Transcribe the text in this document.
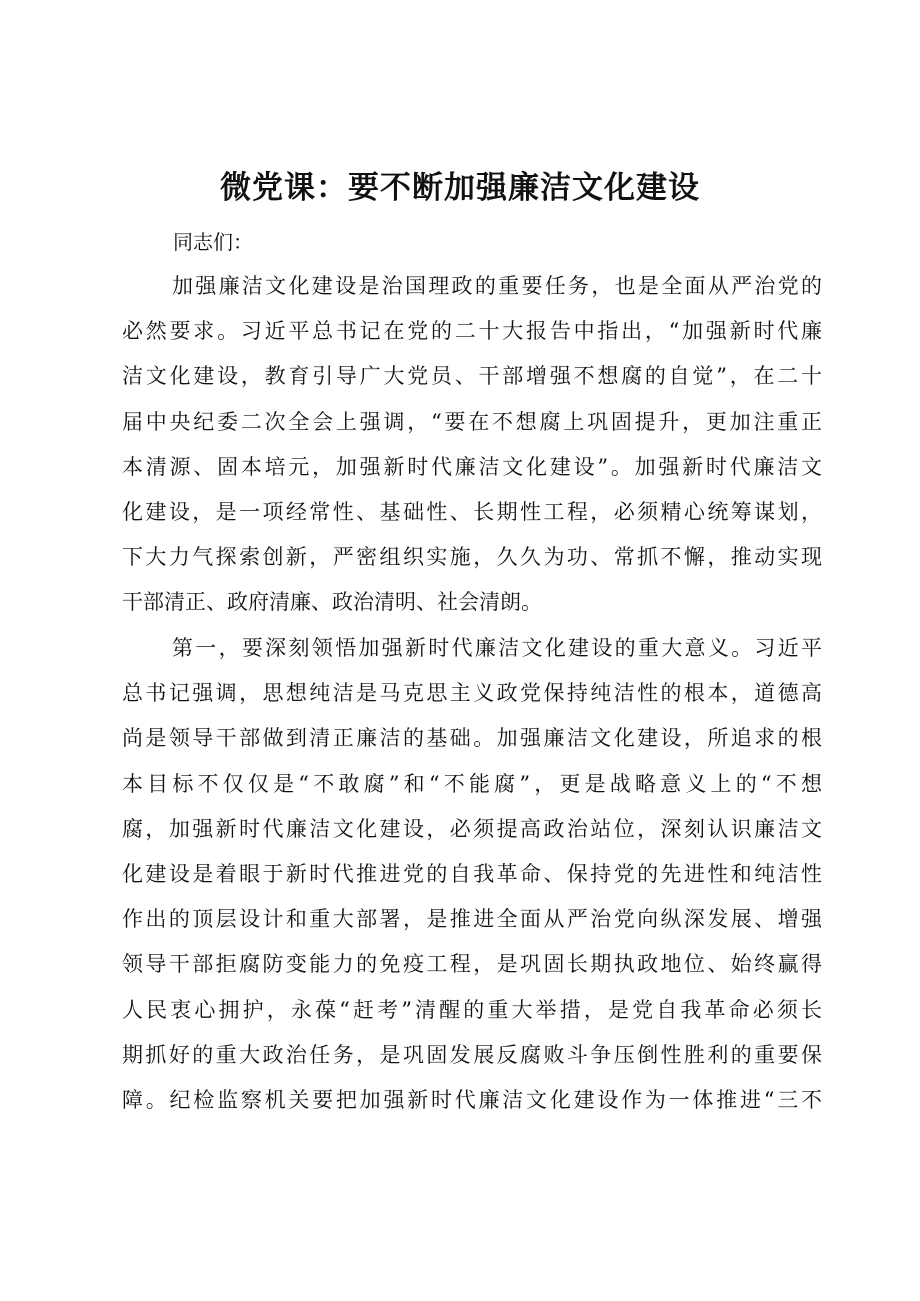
微党课：要不断加强廉洁文化建设

同志们：

加强廉洁文化建设是治国理政的重要任务，也是全面从严治党的
必然要求。习近平总书记在党的二十大报告中指出，“加强新时代廉
洁文化建设，教育引导广大党员、干部增强不想腐的自觉”，在二十
届中央纪委二次全会上强调，“要在不想腐上巩固提升，更加注重正
本清源、固本培元，加强新时代廉洁文化建设”。加强新时代廉洁文
化建设，是一项经常性、基础性、长期性工程，必须精心统筹谋划，
下大力气探索创新，严密组织实施，久久为功、常抓不懈，推动实现
干部清正、政府清廉、政治清明、社会清朗。
第一，要深刻领悟加强新时代廉洁文化建设的重大意义。习近平
总书记强调，思想纯洁是马克思主义政党保持纯洁性的根本，道德高
尚是领导干部做到清正廉洁的基础。加强廉洁文化建设，所追求的根
本目标不仅仅是“不敢腐”和“不能腐”，更是战略意义上的“不想
腐，加强新时代廉洁文化建设，必须提高政治站位，深刻认识廉洁文
化建设是着眼于新时代推进党的自我革命、保持党的先进性和纯洁性
作出的顶层设计和重大部署，是推进全面从严治党向纵深发展、增强
领导干部拒腐防变能力的免疫工程，是巩固长期执政地位、始终赢得
人民衷心拥护，永葆“赶考”清醒的重大举措，是党自我革命必须长
期抓好的重大政治任务，是巩固发展反腐败斗争压倒性胜利的重要保
障。纪检监察机关要把加强新时代廉洁文化建设作为一体推进“三不
